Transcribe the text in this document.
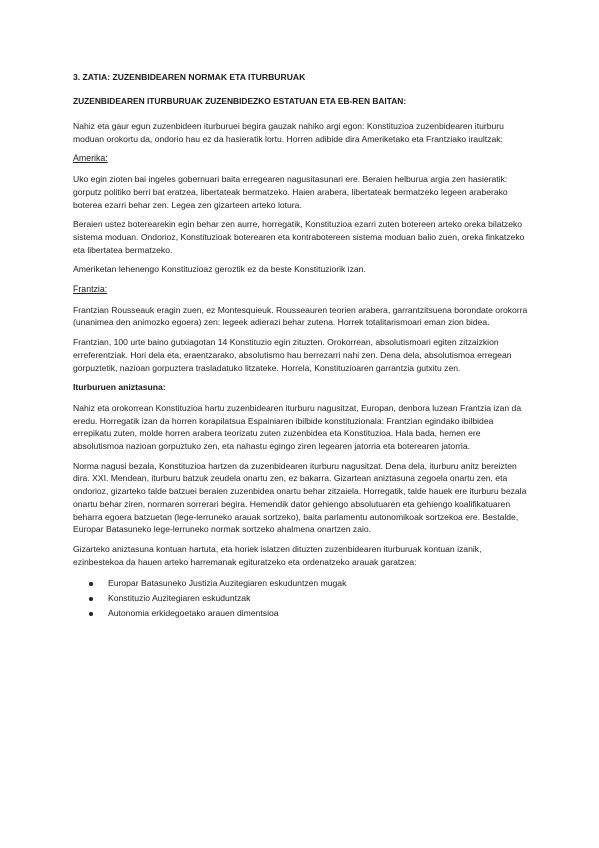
3. ZATIA: ZUZENBIDEAREN NORMAK ETA ITURBURUAK
ZUZENBIDEAREN ITURBURUAK ZUZENBIDEZKO ESTATUAN ETA EB-REN BAITAN:

Nahiz eta gaur egun zuzenbideen iturburuei begira gauzak nahiko argi egon: Konstituzioa zuzenbidearen iturburu moduan orokortu da, ondorio hau ez da hasieratik lortu. Horren adibide dira Ameriketako eta Frantziako iraultzak:

Amerika:

Uko egin zioten bai ingeles gobernuari baita erregearen nagusitasunari ere. Beraien helburua argia zen hasieratik: gorputz politiko berri bat eratzea, libertateak bermatzeko. Haien arabera, libertateak bermatzeko legeen araberako boterea ezarri behar zen. Legea zen gizarteen arteko lotura.

Beraien ustez boterearekin egin behar zen aurre, horregatik, Konstituzioa ezarri zuten botereen arteko oreka bilatzeko sistema moduan. Ondorioz, Konstituzioak boterearen eta kontrabotereen sistema moduan balio zuen, oreka finkatzeko eta libertatea bermatzeko.

Ameriketan lehenengo Konstituzioaz geroztik ez da beste Konstituziorik izan.

Frantzia:

Frantzian Rousseauk eragin zuen, ez Montesquieuk. Rousseauren teorien arabera, garrantzitsuena borondate orokorra (unanimea den animozko egoera) zen: legeek adierazi behar zutena. Horrek totalitarismoari eman zion bidea.

Frantzian, 100 urte baino gutxiagotan 14 Konstituzio egin zituzten. Orokorrean, absolutismoari egiten zitzaizkion erreferentziak. Hori dela eta, eraentzarako, absolutismo hau berrezarri nahi zen. Dena dela, absolutismoa erregean gorpuztetik, nazioan gorpuztera trasladatuko litzateke. Horrela, Konstituzioaren garrantzia gutxitu zen.

Iturburuen aniztasuna:

Nahiz eta orokorrean Konstituzioa hartu zuzenbidearen iturburu nagusitzat, Europan, denbora luzean Frantzia izan da eredu. Horregatik izan da horren korapilatsua Espainiaren ibilbide konstituzionala: Frantzian egindako ibilbidea errepikatu zuten, molde horren arabera teorizatu zuten zuzenbidea eta Konstituzioa. Hala bada, hemen ere absolutismoa nazioan gorpuztuko zen, eta nahastu egingo ziren legearen jatorria eta boterearen jatorria.

Norma nagusi bezala, Konstituzioa hartzen da zuzenbidearen iturburu nagusitzat. Dena dela, iturburu anitz bereizten dira. XXI. Mendean, iturburu batzuk zeudela onartu zen, ez bakarra. Gizartean aniztasuna zegoela onartu zen, eta ondorioz, gizarteko talde batzuei beraien zuzenbidea onartu behar zitzaiela. Horregatik, talde hauek ere iturburu bezala onartu behar ziren, normaren sorrerari begira. Hemendik dator gehiengo absolutuaren eta gehiengo koalifikatuaren beharra egoera batzuetan (lege-lerruneko arauak sortzeko), baita parlamentu autonomikoak sortzekoa ere. Bestalde, Europar Batasuneko lege-lerruneko normak sortzeko ahalmena onartzen zaio.

Gizarteko aniztasuna kontuan hartuta, eta horiek islatzen dituzten zuzenbidearen iturburuak kontuan izanik, ezinbestekoa da hauen arteko harremanak egituratzeko eta ordenatzeko arauak garatzea:

Europar Batasuneko Justizia Auzitegiaren eskuduntzen mugak
Konstituzio Auzitegiaren eskuduntzak
Autonomia erkidegoetako arauen dimentsioa
